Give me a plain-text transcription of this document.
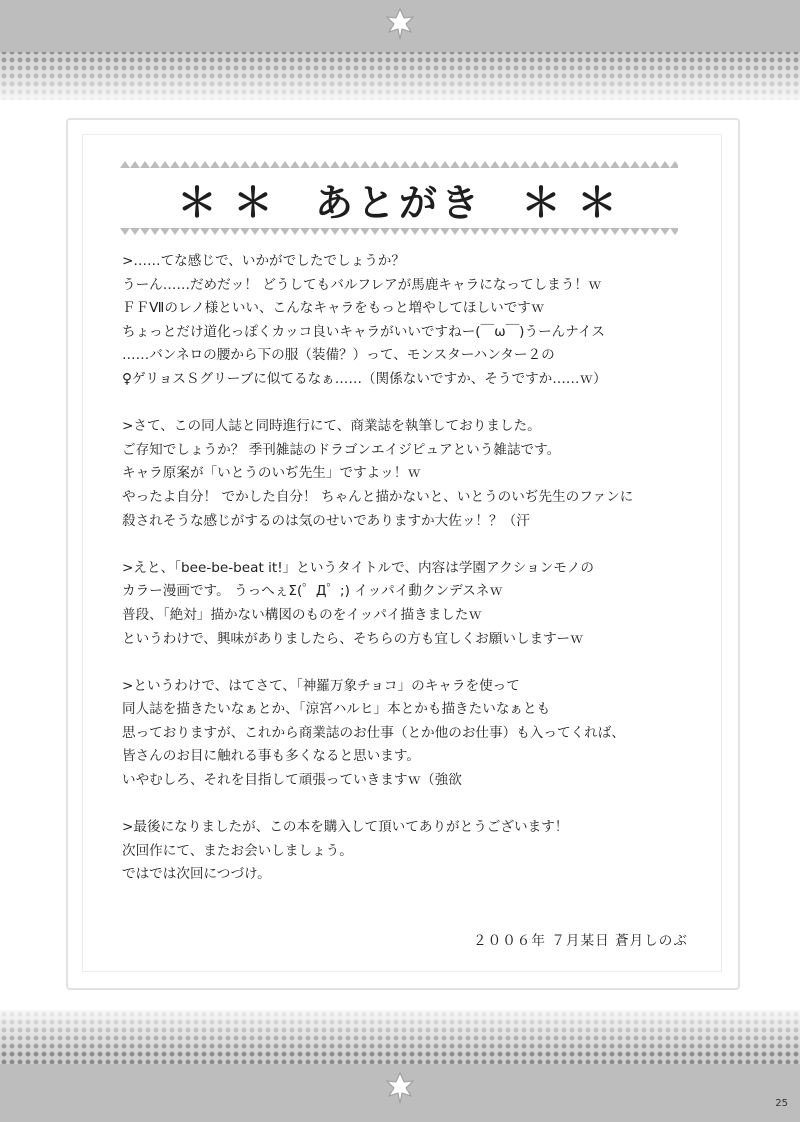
＊ ＊ あとがき ＊ ＊
>……てな感じで、いかがでしたでしょうか？
うーん……だめだッ！ どうしてもバルフレアが馬鹿キャラになってしまう！ｗ
ＦＦⅦのレノ様といい、こんなキャラをもっと増やしてほしいですｗ
ちょっとだけ道化っぽくカッコ良いキャラがいいですねー(￣ω￣)うーんナイス
……バンネロの腰から下の服（装備？）って、モンスターハンター２の
♀ゲリョスＳグリーブに似てるなぁ……（関係ないですか、そうですか……ｗ）
>さて、この同人誌と同時進行にて、商業誌を執筆しておりました。
ご存知でしょうか？ 季刊雑誌のドラゴンエイジピュアという雑誌です。
キャラ原案が「いとうのいぢ先生」ですよッ！ｗ
やったよ自分！ でかした自分！ ちゃんと描かないと、いとうのいぢ先生のファンに
殺されそうな感じがするのは気のせいでありますか大佐ッ！？（汗
>えと、「bee-be-beat it!」というタイトルで、内容は学園アクションモノの
カラー漫画です。 うっへぇΣ(゜Д゜;) イッパイ動クンデスネｗ
普段、「絶対」描かない構図のものをイッパイ描きましたｗ
というわけで、興味がありましたら、そちらの方も宜しくお願いしますーｗ
>というわけで、はてさて、「神羅万象チョコ」のキャラを使って
同人誌を描きたいなぁとか、「涼宮ハルヒ」本とかも描きたいなぁとも
思っておりますが、これから商業誌のお仕事（とか他のお仕事）も入ってくれば、
皆さんのお目に触れる事も多くなると思います。
いやむしろ、それを目指して頑張っていきますｗ（強欲
>最後になりましたが、この本を購入して頂いてありがとうございます！
次回作にて、またお会いしましょう。
ではでは次回につづけ。
２００６年 ７月某日 蒼月しのぶ
25
